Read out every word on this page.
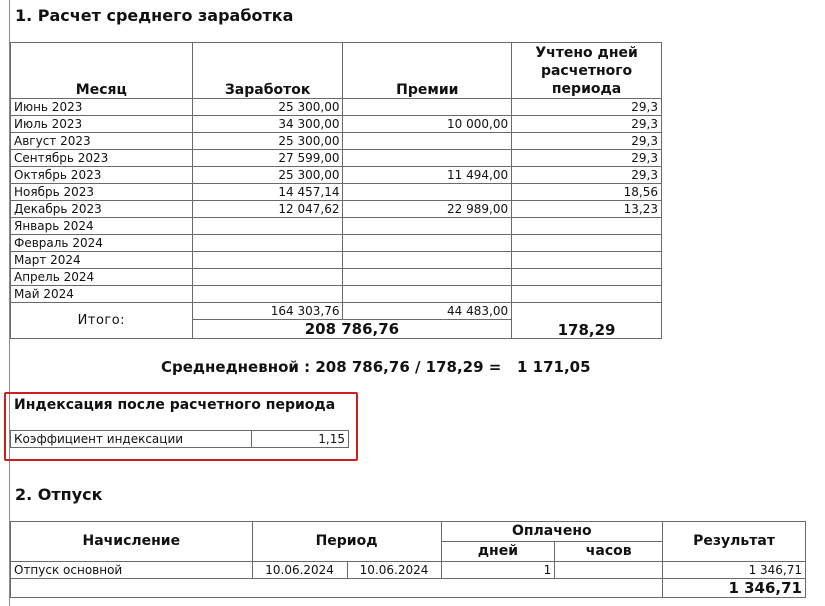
1. Расчет среднего заработка
Месяц	Заработок	Премии	Учтено дней
расчетного
периода

Июнь 2023	25 300,00		29,3
Июль 2023	34 300,00	10 000,00	29,3
Август 2023	25 300,00		29,3
Сентябрь 2023	27 599,00		29,3
Октябрь 2023	25 300,00	11 494,00	29,3
Ноябрь 2023	14 457,14		18,56
Декабрь 2023	12 047,62	22 989,00	13,23
Январь 2024			
Февраль 2024			
Март 2024			
Апрель 2024			
Май 2024			
Итого:	164 303,76	44 483,00	178,29
	208 786,76		
Среднедневной : 208 786,76 / 178,29 =   1 171,05
Индексация после расчетного периода
Коэффициент индексации	1,15
2. Отпуск
Начисление	Период		Оплачено		Результат
			дней	часов	
Отпуск основной	10.06.2024	10.06.2024	1		1 346,71
					1 346,71
